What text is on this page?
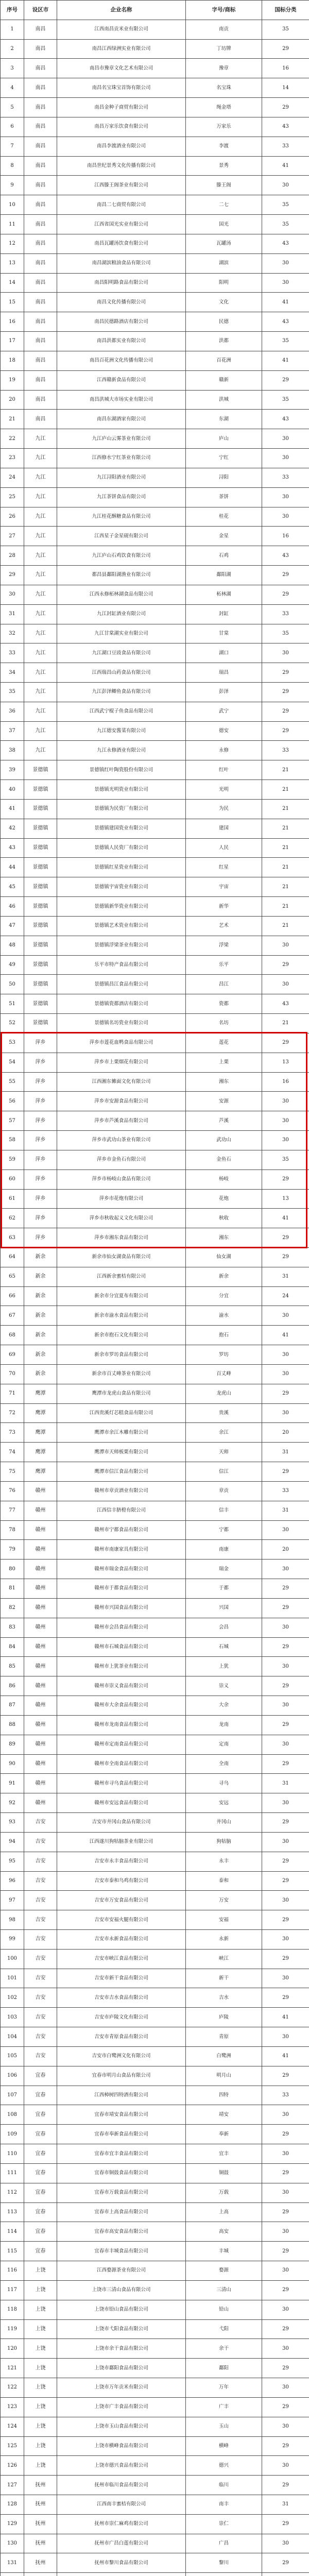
序号	设区市	企业名称	字号/商标	国标分类
1	南昌	江西南昌贡米业有限公司	南贡	35
2	南昌	南昌江西绿洲实业有限公司	丁坊牌	29
3	南昌	南昌市豫章文化艺术有限公司	豫章	16
4	南昌	南昌名宝珠宝首饰有限公司	名宝珠	14
5	南昌	南昌金种子商贸有限公司	绳金塔	29
6	南昌	南昌万家乐饮食有限公司	万家乐	43
7	南昌	南昌李渡酒业有限公司	李渡	33
8	南昌	南昌世纪景秀文化传播有限公司	景秀	41
9	南昌	江西滕王阁茶业有限公司	滕王阁	30
10	南昌	南昌二七商贸有限公司	二七	35
11	南昌	江西省国光实业有限公司	国光	35
12	南昌	南昌瓦罐汤饮食有限公司	瓦罐汤	43
13	南昌	南昌湖滨粮油食品有限公司	湖滨	30
14	南昌	南昌阳明路食品有限公司	阳明	30
15	南昌	南昌文化传播有限公司	文化	41
16	南昌	南昌民德路酒店有限公司	民德	43
17	南昌	南昌洪都实业有限公司	洪都	35
18	南昌	南昌百花洲文化传播有限公司	百花洲	41
19	南昌	江西赣新食品有限公司	赣新	29
20	南昌	南昌洪城大市场实业有限公司	洪城	35
21	南昌	南昌东湖酒家有限公司	东湖	43
22	九江	九江庐山云雾茶业有限公司	庐山	30
23	九江	江西修水宁红茶业有限公司	宁红	30
24	九江	九江浔阳酒业有限公司	浔阳	33
25	九江	九江茶饼食品有限公司	茶饼	30
26	九江	九江桂花酥糖食品有限公司	桂花	30
27	九江	江西星子金星砚有限公司	金星	16
28	九江	九江庐山石鸡饮食有限公司	石鸡	43
29	九江	都昌县鄱阳湖渔业有限公司	鄱阳湖	29
30	九江	江西永修柘林湖食品有限公司	柘林湖	29
31	九江	九江封缸酒业有限公司	封缸	33
32	九江	九江甘棠湖实业有限公司	甘棠	35
33	九江	九江湖口豆豉食品有限公司	湖口	30
34	九江	江西瑞昌山药食品有限公司	瑞昌	29
35	九江	九江彭泽鲫鱼食品有限公司	彭泽	29
36	九江	江西武宁棍子鱼食品有限公司	武宁	29
37	九江	九江德安酱菜有限公司	德安	29
38	九江	九江永修酒业有限公司	永修	33
39	景德镇	景德镇红叶陶瓷股份有限公司	红叶	21
40	景德镇	景德镇光明瓷业有限公司	光明	21
41	景德镇	景德镇为民瓷厂有限公司	为民	21
42	景德镇	景德镇建国瓷业有限公司	建国	21
43	景德镇	景德镇人民瓷厂有限公司	人民	21
44	景德镇	景德镇红星瓷业有限公司	红星	21
45	景德镇	景德镇宇宙瓷业有限公司	宇宙	21
46	景德镇	景德镇新华瓷业有限公司	新华	21
47	景德镇	景德镇艺术瓷业有限公司	艺术	21
48	景德镇	景德镇浮梁茶业有限公司	浮梁	30
49	景德镇	乐平市特产食品有限公司	乐平	29
50	景德镇	景德镇昌江食品有限公司	昌江	30
51	景德镇	景德镇瓷都酒店有限公司	瓷都	43
52	景德镇	景德镇名坊瓷业有限公司	名坊	21
53	萍乡	萍乡市莲花血鸭食品有限公司	莲花	29
54	萍乡	萍乡市上栗烟花有限公司	上栗	13
55	萍乡	江西湘东傩面文化有限公司	湘东	16
56	萍乡	萍乡市安源食品有限公司	安源	30
57	萍乡	萍乡市芦溪食品有限公司	芦溪	30
58	萍乡	萍乡市武功山茶业有限公司	武功山	30
59	萍乡	萍乡市金鱼石有限公司	金鱼石	35
60	萍乡	萍乡市杨岐山食品有限公司	杨岐	29
61	萍乡	萍乡市花炮有限公司	花炮	13
62	萍乡	萍乡市秋收起义文化有限公司	秋收	41
63	萍乡	萍乡市湘东食品有限公司	湘东	29
64	新余	新余市仙女湖食品有限公司	仙女湖	29
65	新余	江西新余蜜桔有限公司	新余	31
66	新余	新余市分宜夏布有限公司	分宜	24
67	新余	新余市渝水食品有限公司	渝水	30
68	新余	新余市抱石文化有限公司	抱石	41
69	新余	新余市罗坊食品有限公司	罗坊	30
70	新余	新余市百丈峰茶业有限公司	百丈峰	30
71	鹰潭	鹰潭市龙虎山食品有限公司	龙虎山	29
72	鹰潭	江西贵溪灯芯糕食品有限公司	贵溪	30
73	鹰潭	鹰潭市余江木雕有限公司	余江	20
74	鹰潭	鹰潭市天师板栗有限公司	天师	31
75	鹰潭	鹰潭市信江食品有限公司	信江	29
76	赣州	赣州市章贡酒业有限公司	章贡	33
77	赣州	江西信丰脐橙有限公司	信丰	31
78	赣州	赣州市宁都食品有限公司	宁都	30
79	赣州	赣州市南康家具有限公司	南康	20
80	赣州	赣州市瑞金食品有限公司	瑞金	30
81	赣州	赣州市于都食品有限公司	于都	29
82	赣州	赣州市兴国食品有限公司	兴国	29
83	赣州	赣州市会昌食品有限公司	会昌	30
84	赣州	赣州市石城食品有限公司	石城	29
85	赣州	赣州市上犹茶业有限公司	上犹	30
86	赣州	赣州市崇义食品有限公司	崇义	29
87	赣州	赣州市大余食品有限公司	大余	30
88	赣州	赣州市龙南食品有限公司	龙南	29
89	赣州	赣州市定南食品有限公司	定南	30
90	赣州	赣州市全南食品有限公司	全南	29
91	赣州	赣州市寻乌食品有限公司	寻乌	31
92	赣州	赣州市安远食品有限公司	安远	30
93	吉安	吉安市井冈山食品有限公司	井冈山	29
94	吉安	江西遂川狗牯脑茶业有限公司	狗牯脑	30
95	吉安	吉安市永丰食品有限公司	永丰	29
96	吉安	吉安市泰和乌鸡有限公司	泰和	29
97	吉安	吉安市万安食品有限公司	万安	30
98	吉安	吉安市安福火腿有限公司	安福	29
99	吉安	吉安市永新食品有限公司	永新	30
100	吉安	吉安市峡江食品有限公司	峡江	29
101	吉安	吉安市新干食品有限公司	新干	30
102	吉安	吉安市吉水食品有限公司	吉水	29
103	吉安	吉安市庐陵文化有限公司	庐陵	41
104	吉安	吉安市青原食品有限公司	青原	30
105	吉安	吉安市白鹭洲文化有限公司	白鹭洲	41
106	宜春	宜春市明月山食品有限公司	明月山	29
107	宜春	江西樟树四特酒有限公司	四特	33
108	宜春	宜春市靖安食品有限公司	靖安	30
109	宜春	宜春市奉新食品有限公司	奉新	29
110	宜春	宜春市宜丰食品有限公司	宜丰	30
111	宜春	宜春市铜鼓食品有限公司	铜鼓	29
112	宜春	宜春市万载食品有限公司	万载	30
113	宜春	宜春市上高食品有限公司	上高	29
114	宜春	宜春市高安食品有限公司	高安	30
115	宜春	宜春市丰城食品有限公司	丰城	29
116	上饶	江西婺源茶业有限公司	婺源	30
117	上饶	上饶市三清山食品有限公司	三清山	29
118	上饶	上饶市铅山食品有限公司	铅山	30
119	上饶	上饶市弋阳食品有限公司	弋阳	29
120	上饶	上饶市余干食品有限公司	余干	30
121	上饶	上饶市鄱阳食品有限公司	鄱阳	29
122	上饶	上饶市万年贡米有限公司	万年	30
123	上饶	上饶市广丰食品有限公司	广丰	29
124	上饶	上饶市玉山食品有限公司	玉山	30
125	上饶	上饶市横峰食品有限公司	横峰	29
126	上饶	上饶市德兴食品有限公司	德兴	30
127	抚州	抚州市临川食品有限公司	临川	29
128	抚州	江西南丰蜜桔有限公司	南丰	31
129	抚州	抚州市崇仁麻鸡有限公司	崇仁	29
130	抚州	抚州市广昌白莲有限公司	广昌	30
131	抚州	抚州市黎川食品有限公司	黎川	29
